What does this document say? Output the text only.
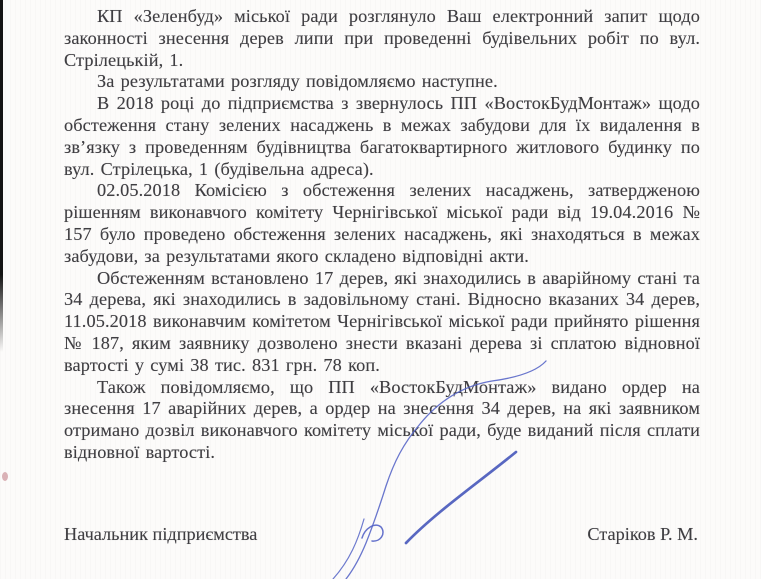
КП «Зеленбуд» міської ради розглянуло Ваш електронний запит щодо законності знесення дерев липи при проведенні будівельних робіт по вул. Стрілецькій, 1.

За результатами розгляду повідомляємо наступне.

В 2018 році до підприємства з звернулось ПП «ВостокБудМонтаж» щодо обстеження стану зелених насаджень в межах забудови для їх видалення в зв’язку з проведенням будівництва багатоквартирного житлового будинку по вул. Стрілецька, 1 (будівельна адреса).

02.05.2018 Комісією з обстеження зелених насаджень, затвердженою рішенням виконавчого комітету Чернігівської міської ради від 19.04.2016 № 157 було проведено обстеження зелених насаджень, які знаходяться в межах забудови, за результатами якого складено відповідні акти.

Обстеженням встановлено 17 дерев, які знаходились в аварійному стані та 34 дерева, які знаходились в задовільному стані. Відносно вказаних 34 дерев, 11.05.2018 виконавчим комітетом Чернігівської міської ради прийнято рішення № 187, яким заявнику дозволено знести вказані дерева зі сплатою відновної вартості у сумі 38 тис. 831 грн. 78 коп.

Також повідомляємо, що ПП «ВостокБудМонтаж» видано ордер на знесення 17 аварійних дерев, а ордер на знесення 34 дерев, на які заявником отримано дозвіл виконавчого комітету міської ради, буде виданий після сплати відновної вартості.

Начальник підприємства	Старіков Р. М.
